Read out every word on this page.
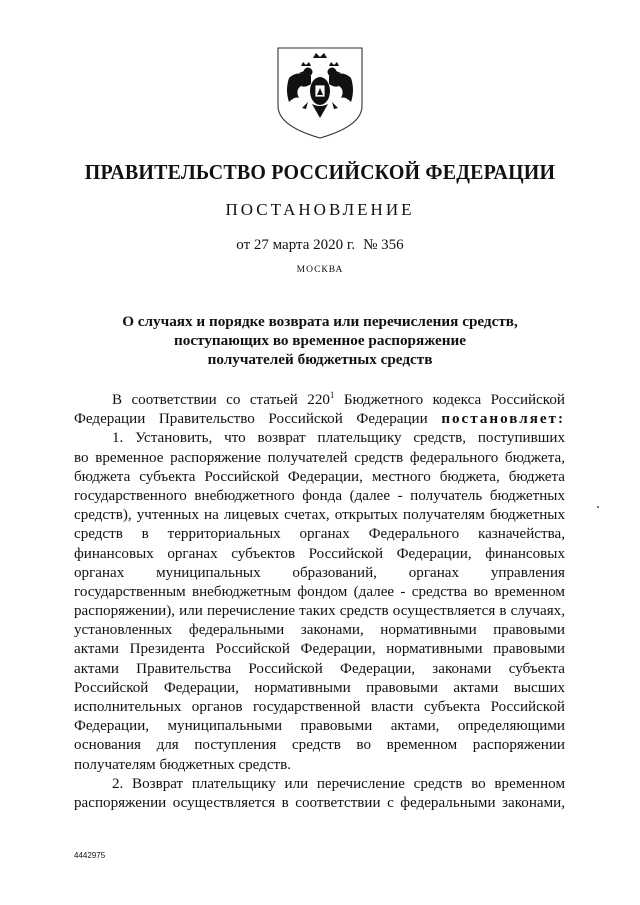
ПРАВИТЕЛЬСТВО РОССИЙСКОЙ ФЕДЕРАЦИИ
ПОСТАНОВЛЕНИЕ
от 27 марта 2020 г. № 356
МОСКВА
О случаях и порядке возврата или перечисления средств,
поступающих во временное распоряжение
получателей бюджетных средств
В соответствии со статьей $220^1$ Бюджетного кодекса Российской
Федерации Правительство Российской Федерации постановляет:
1. Установить, что возврат плательщику средств, поступивших
во временное распоряжение получателей средств федерального бюджета,
бюджета субъекта Российской Федерации, местного бюджета, бюджета
государственного внебюджетного фонда (далее - получатель бюджетных
средств), учтенных на лицевых счетах, открытых получателям бюджетных
средств в территориальных органах Федерального казначейства,
финансовых органах субъектов Российской Федерации, финансовых
органах муниципальных образований, органах управления
государственным внебюджетным фондом (далее - средства во временном
распоряжении), или перечисление таких средств осуществляется в случаях,
установленных федеральными законами, нормативными правовыми
актами Президента Российской Федерации, нормативными правовыми
актами Правительства Российской Федерации, законами субъекта
Российской Федерации, нормативными правовыми актами высших
исполнительных органов государственной власти субъекта Российской
Федерации, муниципальными правовыми актами, определяющими
основания для поступления средств во временном распоряжении
получателям бюджетных средств.
2. Возврат плательщику или перечисление средств во временном
распоряжении осуществляется в соответствии с федеральными законами,
4442975
